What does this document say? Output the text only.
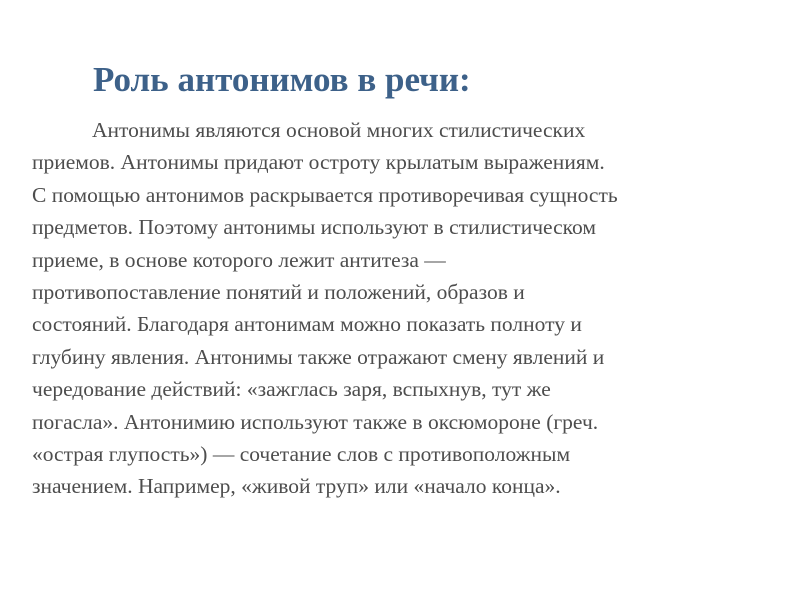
Роль антонимов в речи:
Антонимы являются основой многих стилистических
приемов. Антонимы придают остроту крылатым выражениям.
С помощью антонимов раскрывается противоречивая сущность
предметов. Поэтому антонимы используют в стилистическом
приеме, в основе которого лежит антитеза —
противопоставление понятий и положений, образов и
состояний. Благодаря антонимам можно показать полноту и
глубину явления. Антонимы также отражают смену явлений и
чередование действий: «зажглась заря, вспыхнув, тут же
погасла». Антонимию используют также в оксюмороне (греч.
«острая глупость») — сочетание слов с противоположным
значением. Например, «живой труп» или «начало конца».
